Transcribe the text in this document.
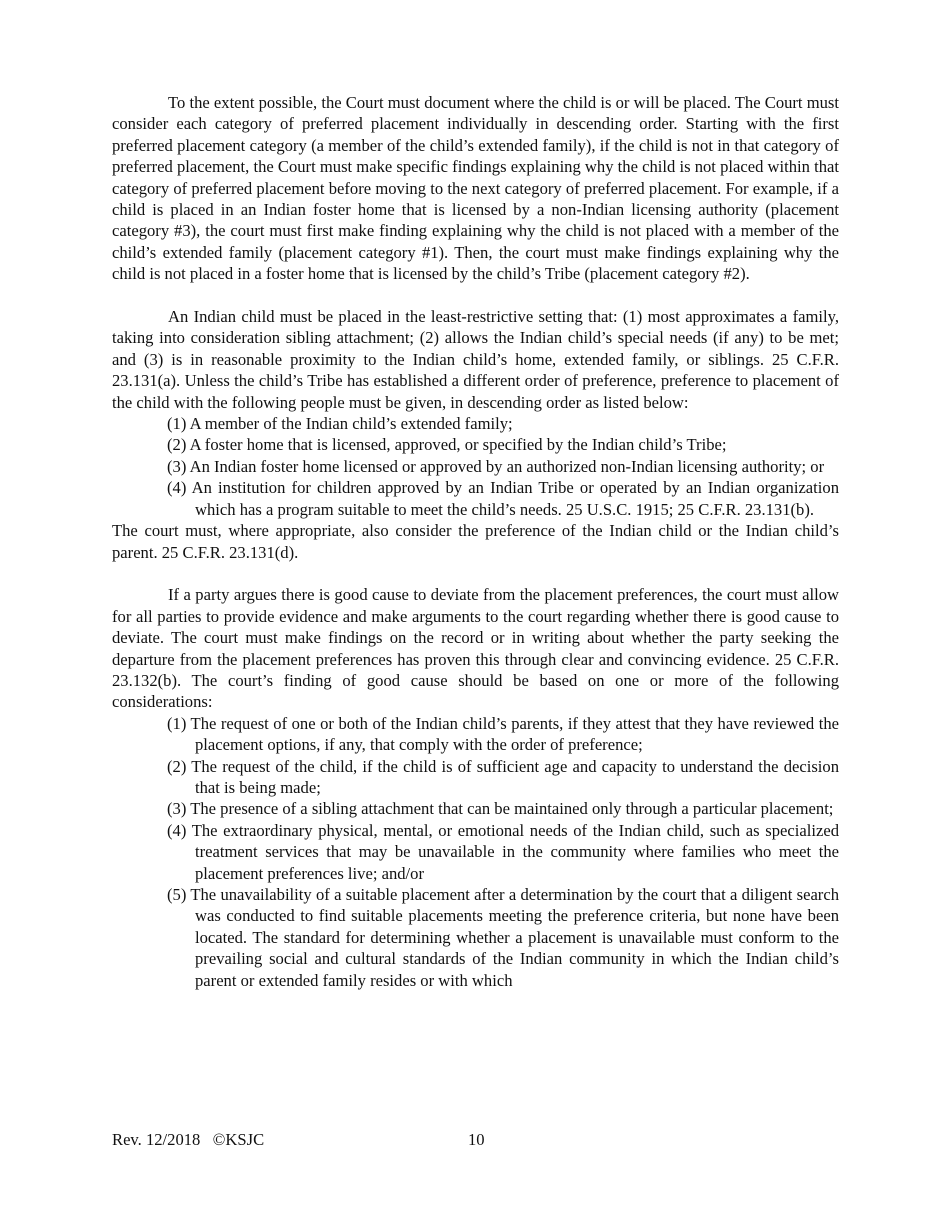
To the extent possible, the Court must document where the child is or will be placed. The Court must consider each category of preferred placement individually in descending order. Starting with the first preferred placement category (a member of the child’s extended family), if the child is not in that category of preferred placement, the Court must make specific findings explaining why the child is not placed within that category of preferred placement before moving to the next category of preferred placement. For example, if a child is placed in an Indian foster home that is licensed by a non-Indian licensing authority (placement category #3), the court must first make finding explaining why the child is not placed with a member of the child’s extended family (placement category #1). Then, the court must make findings explaining why the child is not placed in a foster home that is licensed by the child’s Tribe (placement category #2).

An Indian child must be placed in the least-restrictive setting that: (1) most approximates a family, taking into consideration sibling attachment; (2) allows the Indian child’s special needs (if any) to be met; and (3) is in reasonable proximity to the Indian child’s home, extended family, or siblings. 25 C.F.R. 23.131(a). Unless the child’s Tribe has established a different order of preference, preference to placement of the child with the following people must be given, in descending order as listed below:

(1) A member of the Indian child’s extended family;
(2) A foster home that is licensed, approved, or specified by the Indian child’s Tribe;
(3) An Indian foster home licensed or approved by an authorized non-Indian licensing authority; or
(4) An institution for children approved by an Indian Tribe or operated by an Indian organization which has a program suitable to meet the child’s needs. 25 U.S.C. 1915; 25 C.F.R. 23.131(b).

The court must, where appropriate, also consider the preference of the Indian child or the Indian child’s parent. 25 C.F.R. 23.131(d).

If a party argues there is good cause to deviate from the placement preferences, the court must allow for all parties to provide evidence and make arguments to the court regarding whether there is good cause to deviate. The court must make findings on the record or in writing about whether the party seeking the departure from the placement preferences has proven this through clear and convincing evidence. 25 C.F.R. 23.132(b). The court’s finding of good cause should be based on one or more of the following considerations:

(1) The request of one or both of the Indian child’s parents, if they attest that they have reviewed the placement options, if any, that comply with the order of preference;
(2) The request of the child, if the child is of sufficient age and capacity to understand the decision that is being made;
(3) The presence of a sibling attachment that can be maintained only through a particular placement;
(4) The extraordinary physical, mental, or emotional needs of the Indian child, such as specialized treatment services that may be unavailable in the community where families who meet the placement preferences live; and/or
(5) The unavailability of a suitable placement after a determination by the court that a diligent search was conducted to find suitable placements meeting the preference criteria, but none have been located. The standard for determining whether a placement is unavailable must conform to the prevailing social and cultural standards of the Indian community in which the Indian child’s parent or extended family resides or with which
Rev. 12/2018   ©KSJC	10
